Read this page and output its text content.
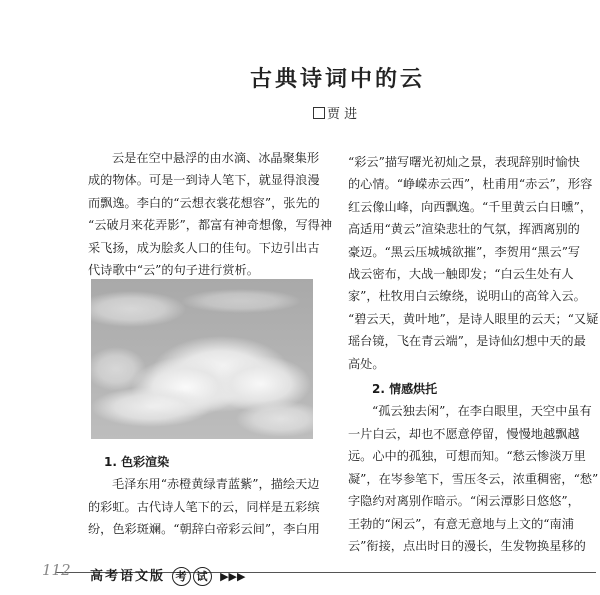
古典诗词中的云
贾 进

云是在空中悬浮的由水滴、冰晶聚集形
成的物体。可是一到诗人笔下，就显得浪漫
而飘逸。李白的“云想衣裳花想容”，张先的
“云破月来花弄影”，都富有神奇想像，写得神
采飞扬，成为脍炙人口的佳句。下边引出古
代诗歌中“云”的句子进行赏析。

1. 色彩渲染

毛泽东用“赤橙黄绿青蓝紫”，描绘天边
的彩虹。古代诗人笔下的云，同样是五彩缤
纷，色彩斑斓。“朝辞白帝彩云间”，李白用

“彩云”描写曙光初灿之景，表现辞别时愉快
的心情。“峥嵘赤云西”，杜甫用“赤云”，形容
红云像山峰，向西飘逸。“千里黄云白日曛”，
高适用“黄云”渲染悲壮的气氛，挥洒离别的
豪迈。“黑云压城城欲摧”，李贺用“黑云”写
战云密布，大战一触即发；“白云生处有人
家”，杜牧用白云缭绕，说明山的高耸入云。
“碧云天，黄叶地”，是诗人眼里的云天；“又疑
瑶台镜，飞在青云端”，是诗仙幻想中天的最
高处。

2. 情感烘托

“孤云独去闲”，在李白眼里，天空中虽有
一片白云，却也不愿意停留，慢慢地越飘越
远。心中的孤独，可想而知。“愁云惨淡万里
凝”，在岑参笔下，雪压冬云，浓重稠密，“愁”
字隐约对离别作暗示。“闲云潭影日悠悠”，
王勃的“闲云”，有意无意地与上文的“南浦
云”衔接，点出时日的漫长，生发物换星移的

112	高考语文版 考 试 ▶▶▶
